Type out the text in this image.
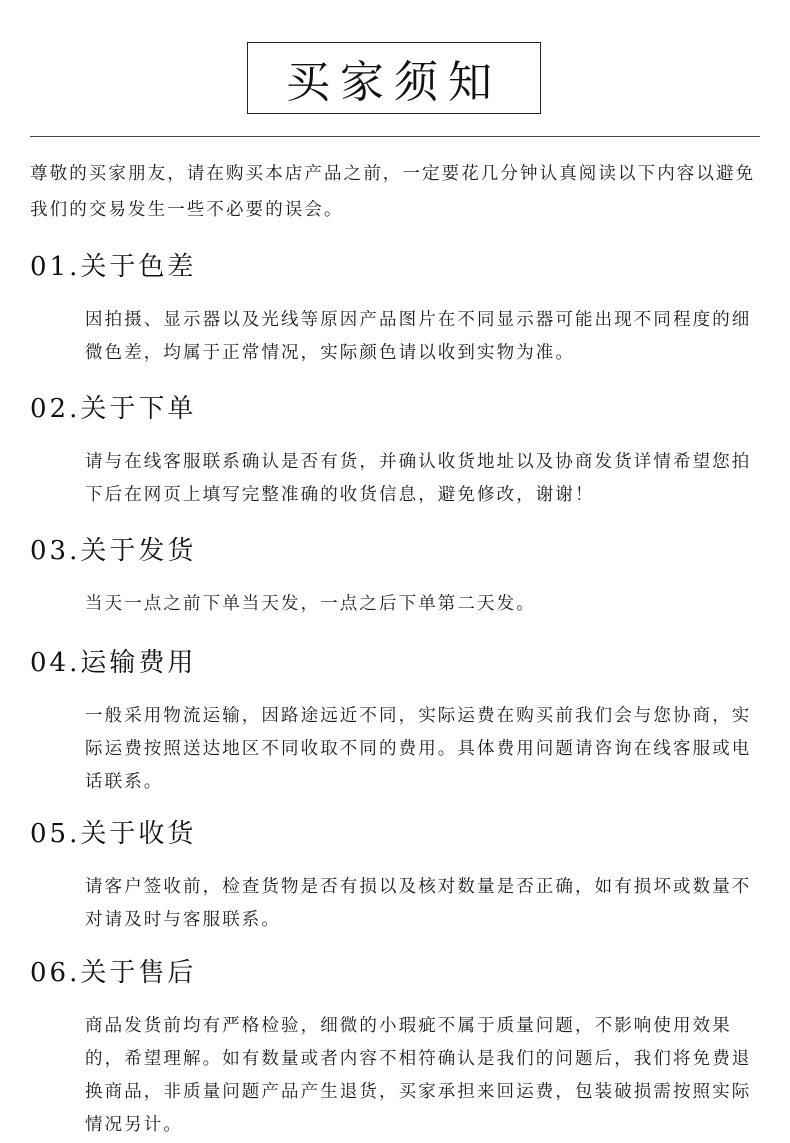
买家须知
尊敬的买家朋友，请在购买本店产品之前，一定要花几分钟认真阅读以下内容以避免我们的交易发生一些不必要的误会。
01.关于色差
因拍摄、显示器以及光线等原因产品图片在不同显示器可能出现不同程度的细微色差，均属于正常情况，实际颜色请以收到实物为准。
02.关于下单
请与在线客服联系确认是否有货，并确认收货地址以及协商发货详情希望您拍下后在网页上填写完整准确的收货信息，避免修改，谢谢！
03.关于发货
当天一点之前下单当天发，一点之后下单第二天发。
04.运输费用
一般采用物流运输，因路途远近不同，实际运费在购买前我们会与您协商，实际运费按照送达地区不同收取不同的费用。具体费用问题请咨询在线客服或电话联系。
05.关于收货
请客户签收前，检查货物是否有损以及核对数量是否正确，如有损坏或数量不对请及时与客服联系。
06.关于售后
商品发货前均有严格检验，细微的小瑕疵不属于质量问题，不影响使用效果的，希望理解。如有数量或者内容不相符确认是我们的问题后，我们将免费退换商品，非质量问题产品产生退货，买家承担来回运费，包装破损需按照实际情况另计。
